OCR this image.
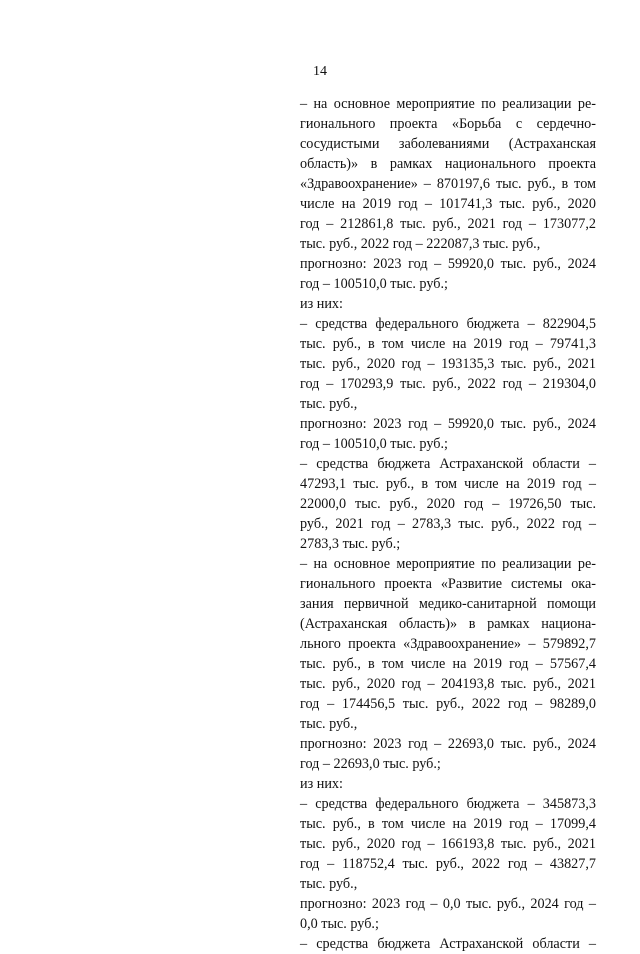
14
– на основное мероприятие по реализации ре-
гионального проекта «Борьба с сердечно-
сосудистыми заболеваниями (Астраханская
область)» в рамках национального проекта
«Здравоохранение» – 870197,6 тыс. руб., в том
числе на 2019 год – 101741,3 тыс. руб., 2020
год – 212861,8 тыс. руб., 2021 год – 173077,2
тыс. руб., 2022 год – 222087,3 тыс. руб.,
прогнозно: 2023 год – 59920,0 тыс. руб., 2024
год – 100510,0 тыс. руб.;
из них:
– средства федерального бюджета – 822904,5
тыс. руб., в том числе на 2019 год – 79741,3
тыс. руб., 2020 год – 193135,3 тыс. руб., 2021
год – 170293,9 тыс. руб., 2022 год – 219304,0
тыс. руб.,
прогнозно: 2023 год – 59920,0 тыс. руб., 2024
год – 100510,0 тыс. руб.;
– средства бюджета Астраханской области –
47293,1 тыс. руб., в том числе на 2019 год –
22000,0 тыс. руб., 2020 год – 19726,50 тыс.
руб., 2021 год – 2783,3 тыс. руб., 2022 год –
2783,3 тыс. руб.;
– на основное мероприятие по реализации ре-
гионального проекта «Развитие системы ока-
зания первичной медико-санитарной помощи
(Астраханская область)» в рамках национа-
льного проекта «Здравоохранение» – 579892,7
тыс. руб., в том числе на 2019 год – 57567,4
тыс. руб., 2020 год – 204193,8 тыс. руб., 2021
год – 174456,5 тыс. руб., 2022 год – 98289,0
тыс. руб.,
прогнозно: 2023 год – 22693,0 тыс. руб., 2024
год – 22693,0 тыс. руб.;
из них:
– средства федерального бюджета – 345873,3
тыс. руб., в том числе на 2019 год – 17099,4
тыс. руб., 2020 год – 166193,8 тыс. руб., 2021
год – 118752,4 тыс. руб., 2022 год – 43827,7
тыс. руб.,
прогнозно: 2023 год – 0,0 тыс. руб., 2024 год –
0,0 тыс. руб.;
– средства бюджета Астраханской области –
